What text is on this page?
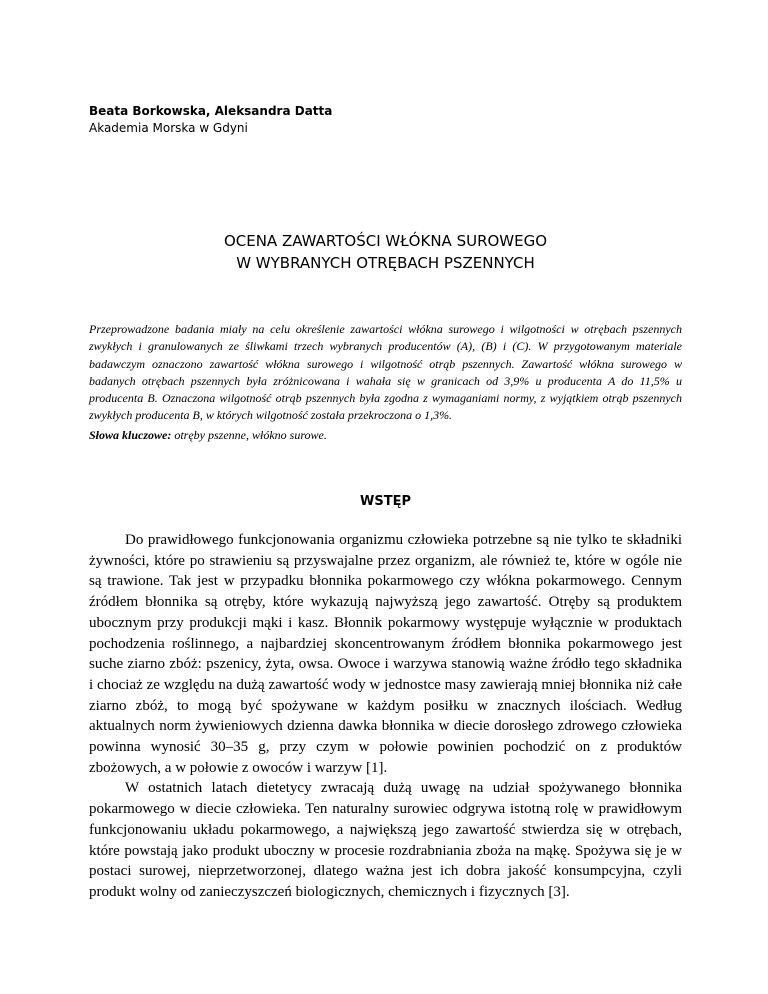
Beata Borkowska, Aleksandra Datta
Akademia Morska w Gdyni
OCENA ZAWARTOŚCI WŁÓKNA SUROWEGO
W WYBRANYCH OTRĘBACH PSZENNYCH

Przeprowadzone badania miały na celu określenie zawartości włókna surowego i wilgotności w otrębach pszennych zwykłych i granulowanych ze śliwkami trzech wybranych producentów (A), (B) i (C). W przygotowanym materiale badawczym oznaczono zawartość włókna surowego i wilgotność otrąb pszennych. Zawartość włókna surowego w badanych otrębach pszennych była zróżnicowana i wahała się w granicach od 3,9% u producenta A do 11,5% u producenta B. Oznaczona wilgotność otrąb pszennych była zgodna z wymaganiami normy, z wyjątkiem otrąb pszennych zwykłych producenta B, w których wilgotność została przekroczona o 1,3%.

Słowa kluczowe: otręby pszenne, włókno surowe.

WSTĘP

Do prawidłowego funkcjonowania organizmu człowieka potrzebne są nie tylko te składniki żywności, które po strawieniu są przyswajalne przez organizm, ale również te, które w ogóle nie są trawione. Tak jest w przypadku błonnika pokarmowego czy włókna pokarmowego. Cennym źródłem błonnika są otręby, które wykazują najwyższą jego zawartość. Otręby są produktem ubocznym przy produkcji mąki i kasz. Błonnik pokarmowy występuje wyłącznie w produktach pochodzenia roślinnego, a najbardziej skoncentrowanym źródłem błonnika pokarmowego jest suche ziarno zbóż: pszenicy, żyta, owsa. Owoce i warzywa stanowią ważne źródło tego składnika i chociaż ze względu na dużą zawartość wody w jednostce masy zawierają mniej błonnika niż całe ziarno zbóż, to mogą być spożywane w każdym posiłku w znacznych ilościach. Według aktualnych norm żywieniowych dzienna dawka błonnika w diecie dorosłego zdrowego człowieka powinna wynosić 30–35 g, przy czym w połowie powinien pochodzić on z produktów zbożowych, a w połowie z owoców i warzyw [1].

W ostatnich latach dietetycy zwracają dużą uwagę na udział spożywanego błonnika pokarmowego w diecie człowieka. Ten naturalny surowiec odgrywa istotną rolę w prawidłowym funkcjonowaniu układu pokarmowego, a największą jego zawartość stwierdza się w otrębach, które powstają jako produkt uboczny w procesie rozdrabniania zboża na mąkę. Spożywa się je w postaci surowej, nieprzetworzonej, dlatego ważna jest ich dobra jakość konsumpcyjna, czyli produkt wolny od zanieczyszczeń biologicznych, chemicznych i fizycznych [3].
